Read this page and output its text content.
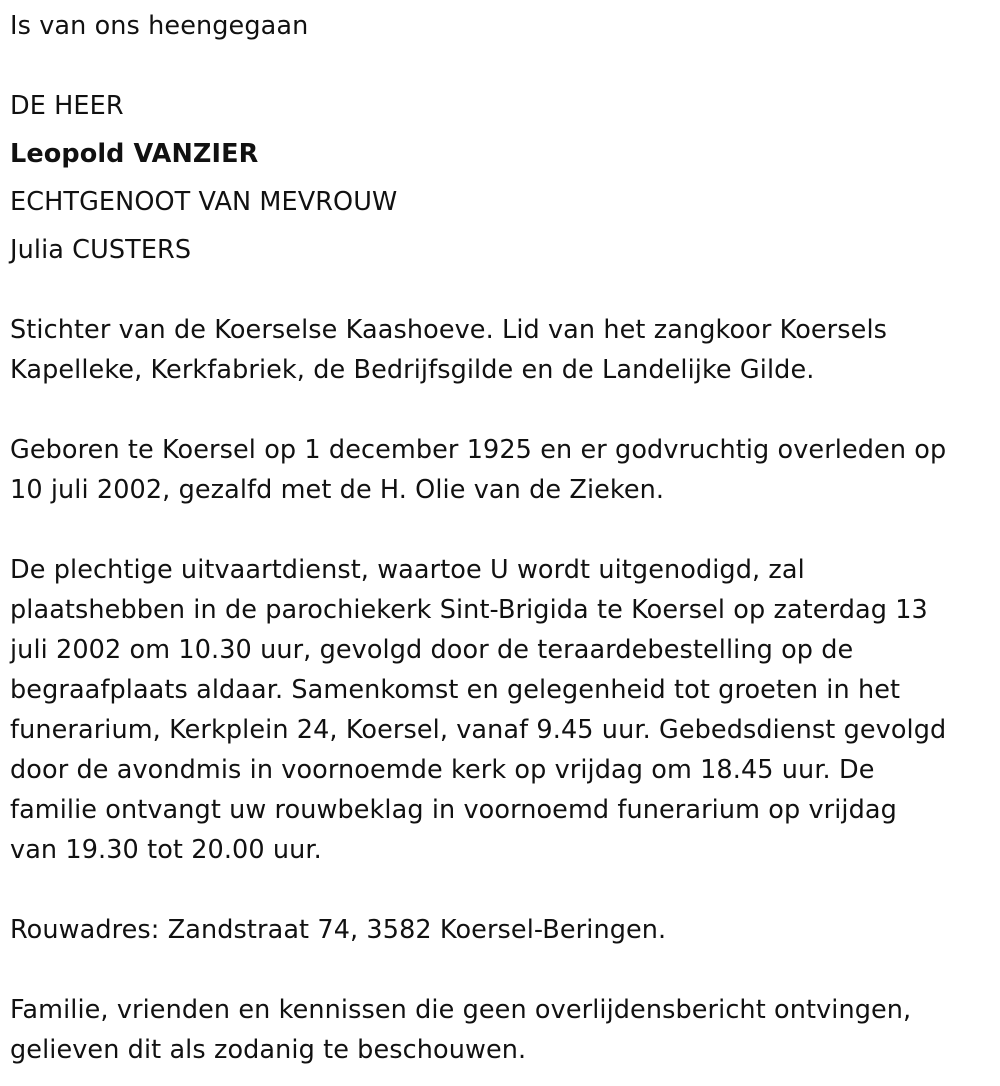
Is van ons heengegaan
DE HEER
Leopold VANZIER
ECHTGENOOT VAN MEVROUW
Julia CUSTERS
Stichter van de Koerselse Kaashoeve. Lid van het zangkoor Koersels
Kapelleke, Kerkfabriek, de Bedrijfsgilde en de Landelijke Gilde.
Geboren te Koersel op 1 december 1925 en er godvruchtig overleden op
10 juli 2002, gezalfd met de H. Olie van de Zieken.
De plechtige uitvaartdienst, waartoe U wordt uitgenodigd, zal
plaatshebben in de parochiekerk Sint-Brigida te Koersel op zaterdag 13
juli 2002 om 10.30 uur, gevolgd door de teraardebestelling op de
begraafplaats aldaar. Samenkomst en gelegenheid tot groeten in het
funerarium, Kerkplein 24, Koersel, vanaf 9.45 uur. Gebedsdienst gevolgd
door de avondmis in voornoemde kerk op vrijdag om 18.45 uur. De
familie ontvangt uw rouwbeklag in voornoemd funerarium op vrijdag
van 19.30 tot 20.00 uur.
Rouwadres: Zandstraat 74, 3582 Koersel-Beringen.
Familie, vrienden en kennissen die geen overlijdensbericht ontvingen,
gelieven dit als zodanig te beschouwen.
